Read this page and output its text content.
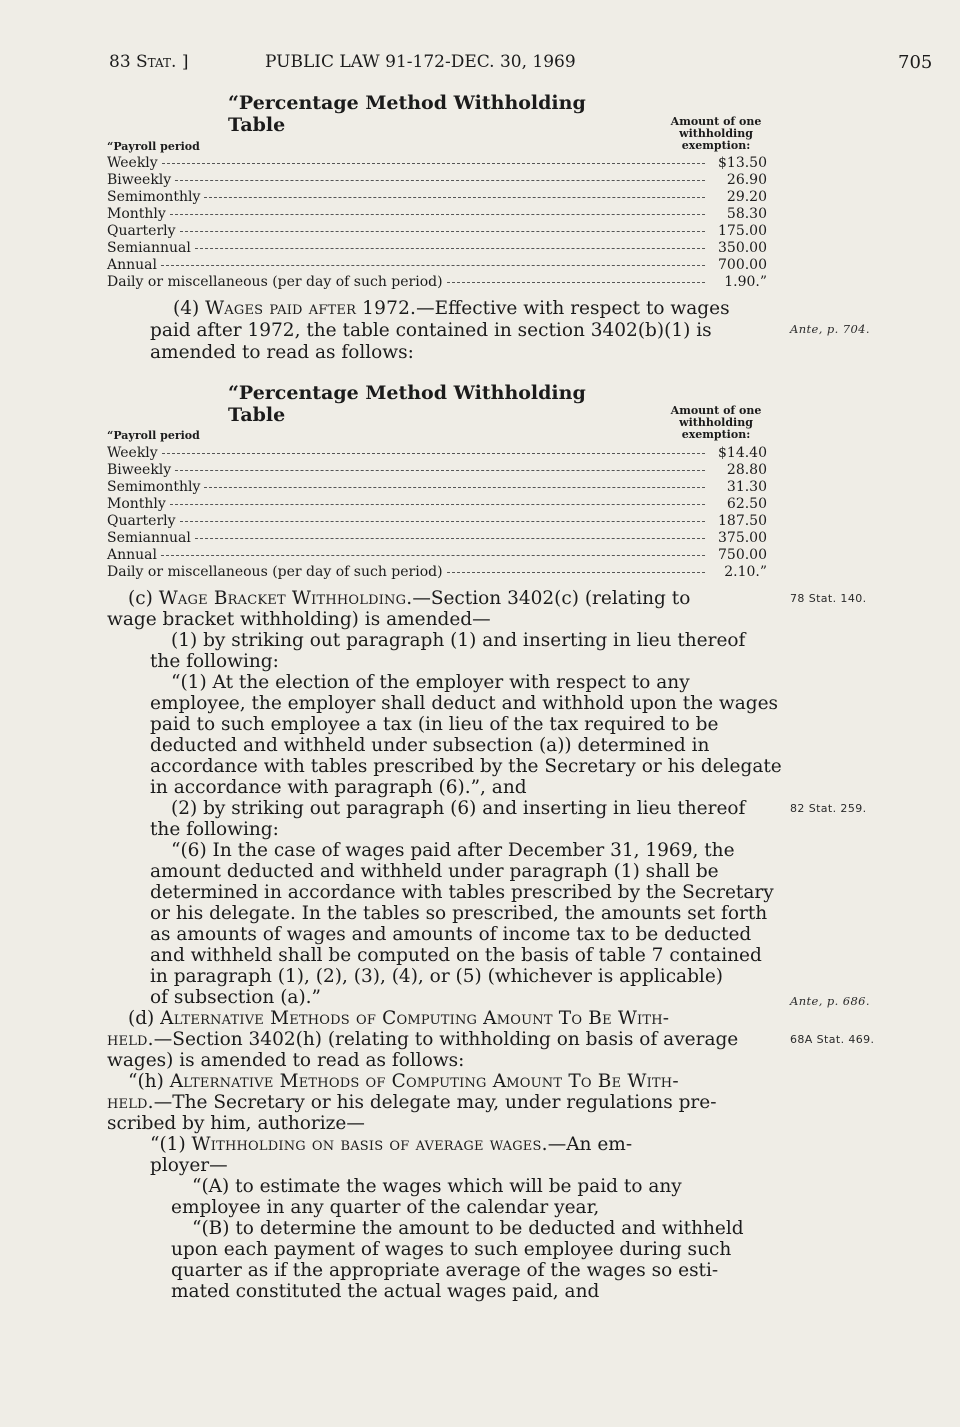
83 Stat. ]	PUBLIC LAW 91-172-DEC. 30, 1969	705
“Percentage Method Withholding Table	Amount of one
withholding
exemption:
“Payroll period
Weekly	$13.50
Biweekly	26.90
Semimonthly	29.20
Monthly	58.30
Quarterly	175.00
Semiannual	350.00
Annual	700.00
Daily or miscellaneous (per day of such period)	1.90.”
(4) Wages paid after 1972.—Effective with respect to wages
paid after 1972, the table contained in section 3402(b)(1) is
amended to read as follows:
“Percentage Method Withholding Table	Amount of one
withholding
exemption:
“Payroll period
Weekly	$14.40
Biweekly	28.80
Semimonthly	31.30
Monthly	62.50
Quarterly	187.50
Semiannual	375.00
Annual	750.00
Daily or miscellaneous (per day of such period)	2.10.”
(c) Wage Bracket Withholding.—Section 3402(c) (relating to
wage bracket withholding) is amended—
(1) by striking out paragraph (1) and inserting in lieu thereof
the following:
“(1) At the election of the employer with respect to any
employee, the employer shall deduct and withhold upon the wages
paid to such employee a tax (in lieu of the tax required to be
deducted and withheld under subsection (a)) determined in
accordance with tables prescribed by the Secretary or his delegate
in accordance with paragraph (6).”, and
(2) by striking out paragraph (6) and inserting in lieu thereof
the following:
“(6) In the case of wages paid after December 31, 1969, the
amount deducted and withheld under paragraph (1) shall be
determined in accordance with tables prescribed by the Secretary
or his delegate. In the tables so prescribed, the amounts set forth
as amounts of wages and amounts of income tax to be deducted
and withheld shall be computed on the basis of table 7 contained
in paragraph (1), (2), (3), (4), or (5) (whichever is applicable)
of subsection (a).”
(d) Alternative Methods of Computing Amount To Be With-
held.—Section 3402(h) (relating to withholding on basis of average
wages) is amended to read as follows:
“(h) Alternative Methods of Computing Amount To Be With-
held.—The Secretary or his delegate may, under regulations pre-
scribed by him, authorize—
“(1) Withholding on basis of average wages.—An em-
ployer—
“(A) to estimate the wages which will be paid to any
employee in any quarter of the calendar year,
“(B) to determine the amount to be deducted and withheld
upon each payment of wages to such employee during such
quarter as if the appropriate average of the wages so esti-
mated constituted the actual wages paid, and
Ante, p. 704.
78 Stat. 140.
82 Stat. 259.
Ante, p. 686.
68A Stat. 469.
